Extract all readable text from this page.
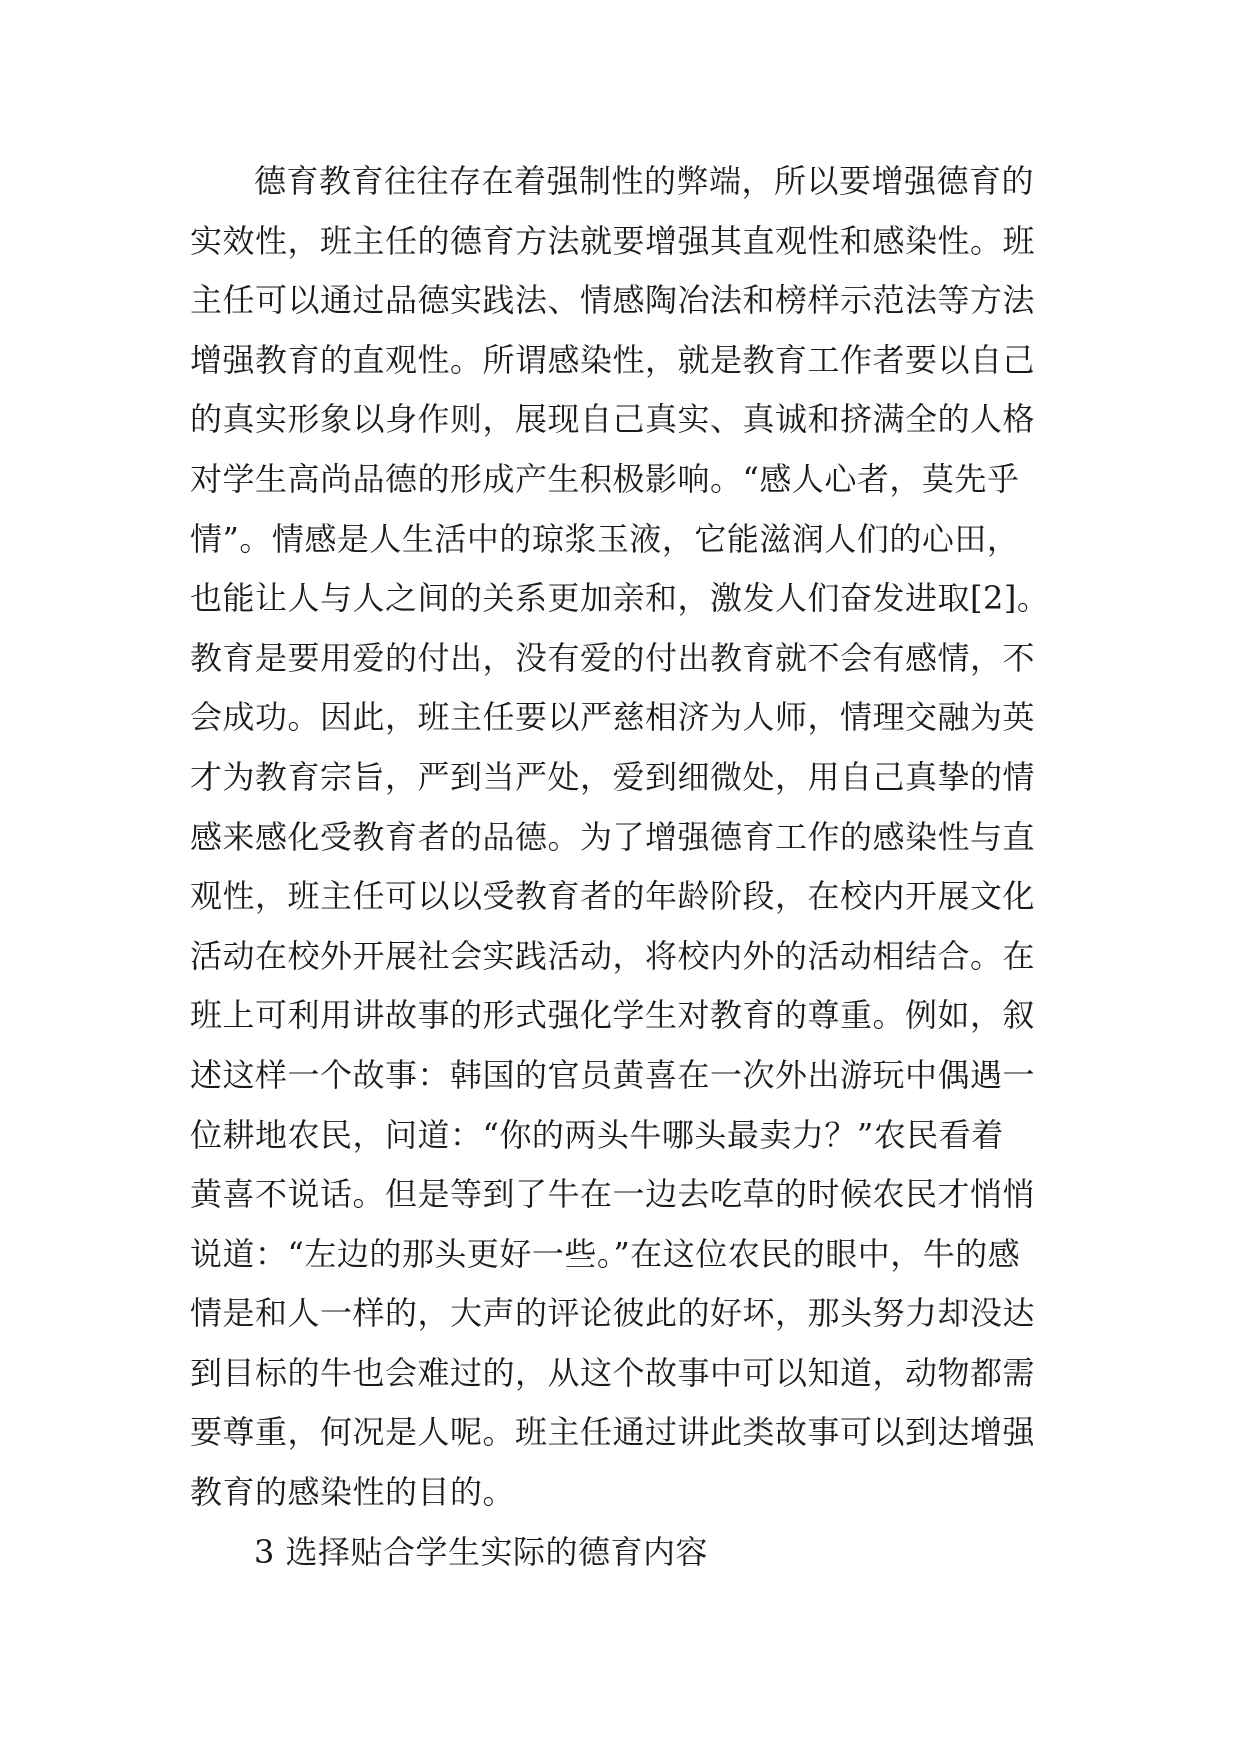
德育教育往往存在着强制性的弊端，所以要增强德育的
实效性，班主任的德育方法就要增强其直观性和感染性。班
主任可以通过品德实践法、情感陶冶法和榜样示范法等方法
增强教育的直观性。所谓感染性，就是教育工作者要以自己
的真实形象以身作则，展现自己真实、真诚和挤满全的人格
对学生高尚品德的形成产生积极影响。“感人心者，莫先乎
情”。情感是人生活中的琼浆玉液，它能滋润人们的心田，
也能让人与人之间的关系更加亲和，激发人们奋发进取[2]。
教育是要用爱的付出，没有爱的付出教育就不会有感情，不
会成功。因此，班主任要以严慈相济为人师，情理交融为英
才为教育宗旨，严到当严处，爱到细微处，用自己真挚的情
感来感化受教育者的品德。为了增强德育工作的感染性与直
观性，班主任可以以受教育者的年龄阶段，在校内开展文化
活动在校外开展社会实践活动，将校内外的活动相结合。在
班上可利用讲故事的形式强化学生对教育的尊重。例如，叙
述这样一个故事：韩国的官员黄喜在一次外出游玩中偶遇一
位耕地农民，问道：“你的两头牛哪头最卖力？”农民看着
黄喜不说话。但是等到了牛在一边去吃草的时候农民才悄悄
说道：“左边的那头更好一些。”在这位农民的眼中，牛的感
情是和人一样的，大声的评论彼此的好坏，那头努力却没达
到目标的牛也会难过的，从这个故事中可以知道，动物都需
要尊重，何况是人呢。班主任通过讲此类故事可以到达增强
教育的感染性的目的。
3 选择贴合学生实际的德育内容
